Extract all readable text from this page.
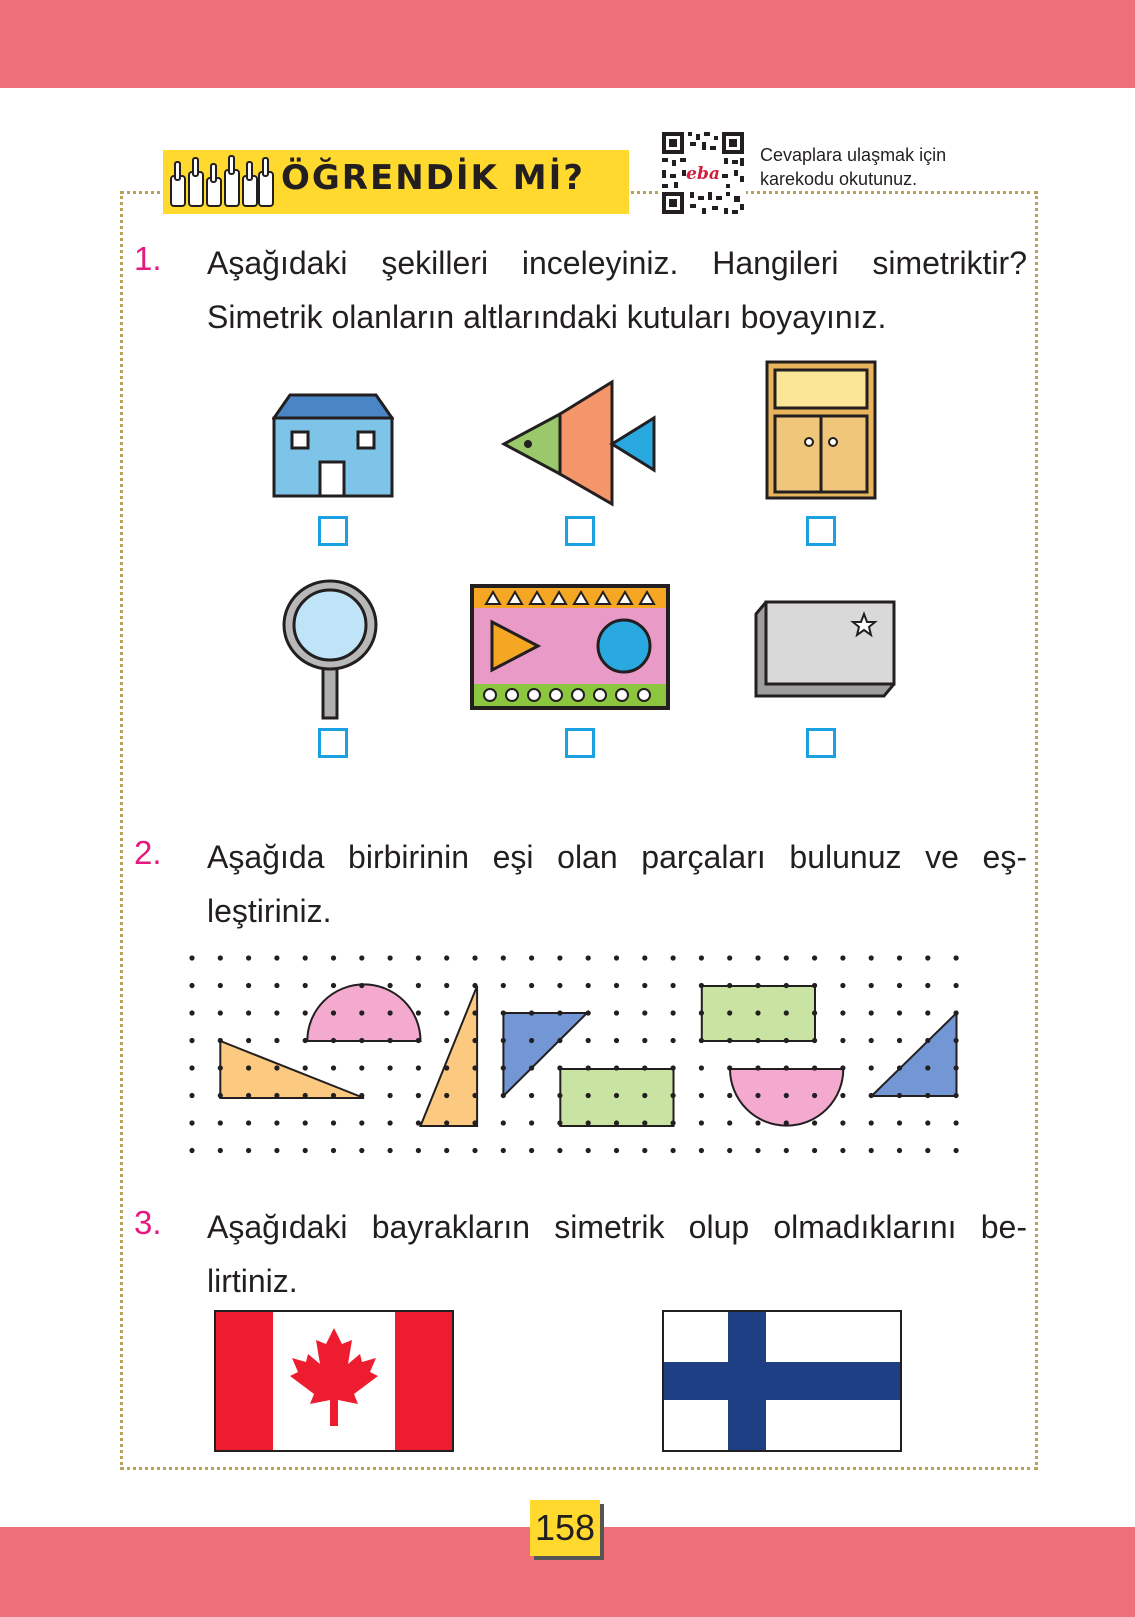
ÖĞRENDİK Mİ?	eba
Cevaplara ulaşmak için
karekodu okutunuz.
1. Aşağıdaki şekilleri inceleyiniz. Hangileri simetriktir?
Simetrik olanların altlarındaki kutuları boyayınız.
2. Aşağıda birbirinin eşi olan parçaları bulunuz ve eş-
leştiriniz.
3. Aşağıdaki bayrakların simetrik olup olmadıklarını be-
lirtiniz.
158
